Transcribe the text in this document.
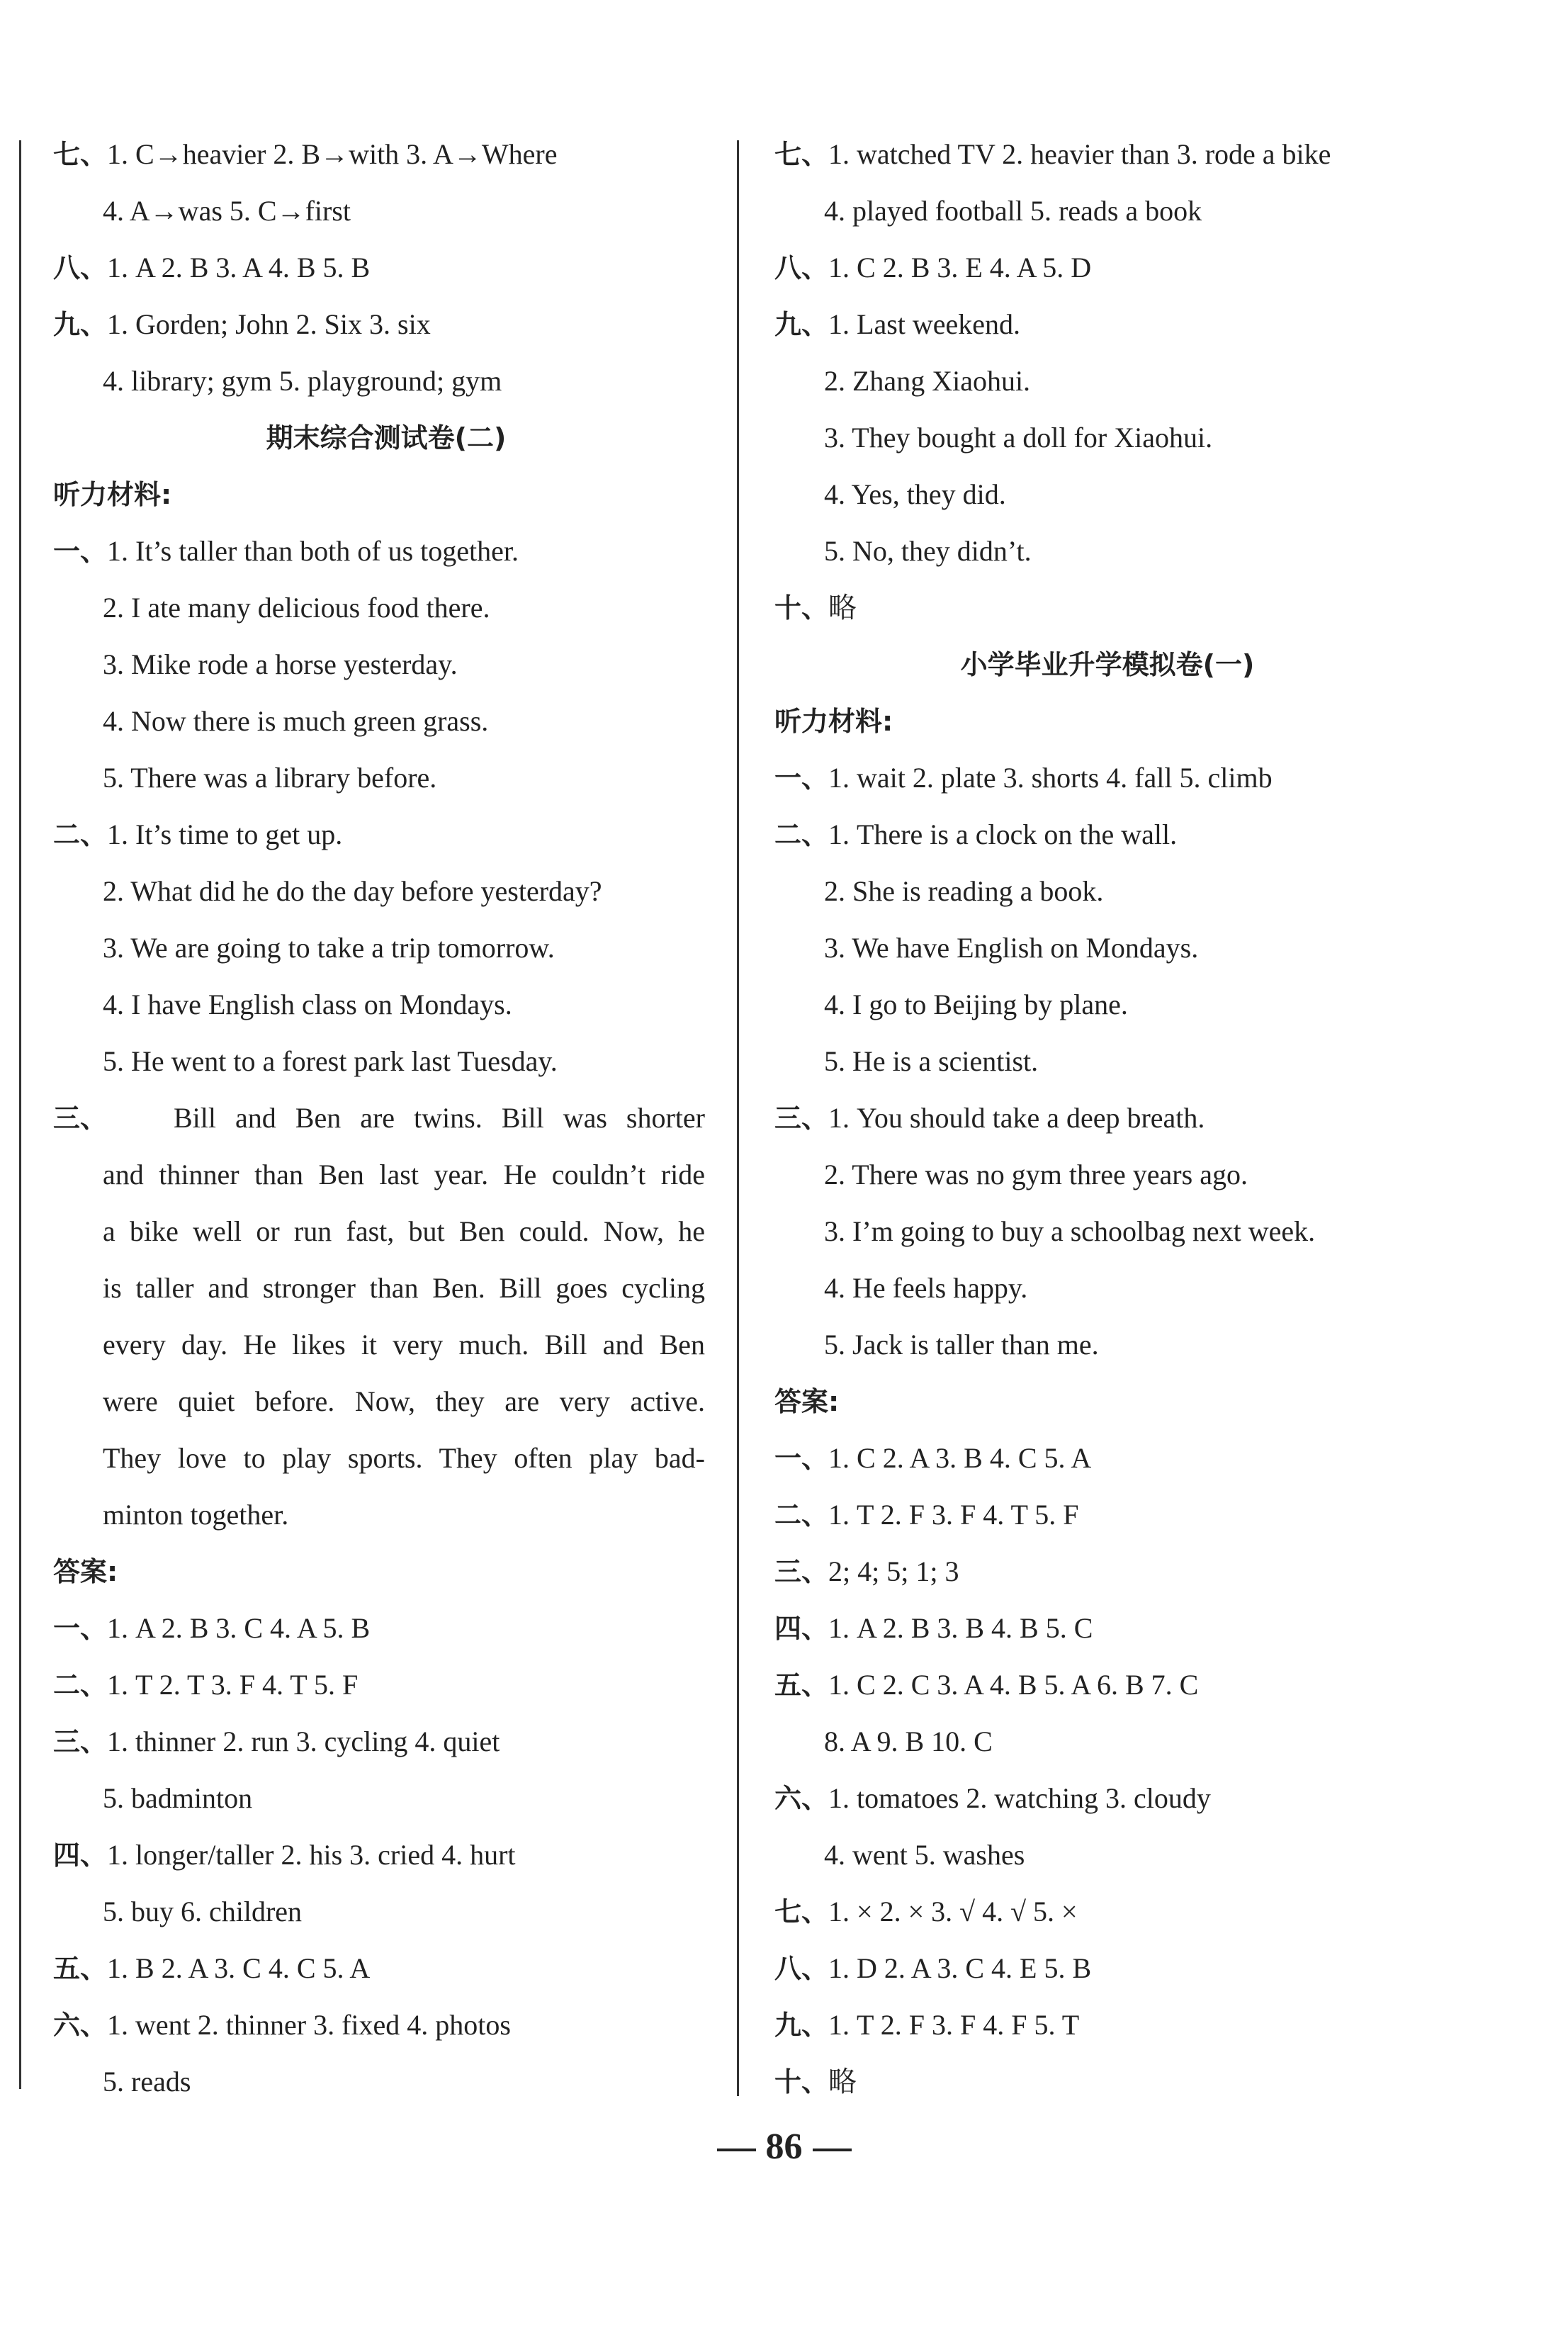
七、1. C→heavier 2. B→with 3. A→Where
4. A→was 5. C→first
八、1. A 2. B 3. A 4. B 5. B
九、1. Gorden; John 2. Six 3. six
4. library; gym 5. playground; gym
期末综合测试卷(二)
听力材料:
一、1. It’s taller than both of us together.
2. I ate many delicious food there.
3. Mike rode a horse yesterday.
4. Now there is much green grass.
5. There was a library before.
二、1. It’s time to get up.
2. What did he do the day before yesterday?
3. We are going to take a trip tomorrow.
4. I have English class on Mondays.
5. He went to a forest park last Tuesday.
三、	Bill and Ben are twins. Bill was shorter
and thinner than Ben last year. He couldn’t ride
a bike well or run fast, but Ben could. Now, he
is taller and stronger than Ben. Bill goes cycling
every day. He likes it very much. Bill and Ben
were quiet before. Now, they are very active.
They love to play sports. They often play bad-
minton together.
答案:
一、1. A 2. B 3. C 4. A 5. B
二、1. T 2. T 3. F 4. T 5. F
三、1. thinner 2. run 3. cycling 4. quiet
5. badminton
四、1. longer/taller 2. his 3. cried 4. hurt
5. buy 6. children
五、1. B 2. A 3. C 4. C 5. A
六、1. went 2. thinner 3. fixed 4. photos
5. reads
七、1. watched TV 2. heavier than 3. rode a bike
4. played football 5. reads a book
八、1. C 2. B 3. E 4. A 5. D
九、1. Last weekend.
2. Zhang Xiaohui.
3. They bought a doll for Xiaohui.
4. Yes, they did.
5. No, they didn’t.
十、略
小学毕业升学模拟卷(一)
听力材料:
一、1. wait 2. plate 3. shorts 4. fall 5. climb
二、1. There is a clock on the wall.
2. She is reading a book.
3. We have English on Mondays.
4. I go to Beijing by plane.
5. He is a scientist.
三、1. You should take a deep breath.
2. There was no gym three years ago.
3. I’m going to buy a schoolbag next week.
4. He feels happy.
5. Jack is taller than me.
答案:
一、1. C 2. A 3. B 4. C 5. A
二、1. T 2. F 3. F 4. T 5. F
三、2; 4; 5; 1; 3
四、1. A 2. B 3. B 4. B 5. C
五、1. C 2. C 3. A 4. B 5. A 6. B 7. C
8. A 9. B 10. C
六、1. tomatoes 2. watching 3. cloudy
4. went 5. washes
七、1. × 2. × 3. √ 4. √ 5. ×
八、1. D 2. A 3. C 4. E 5. B
九、1. T 2. F 3. F 4. F 5. T
十、略
86
